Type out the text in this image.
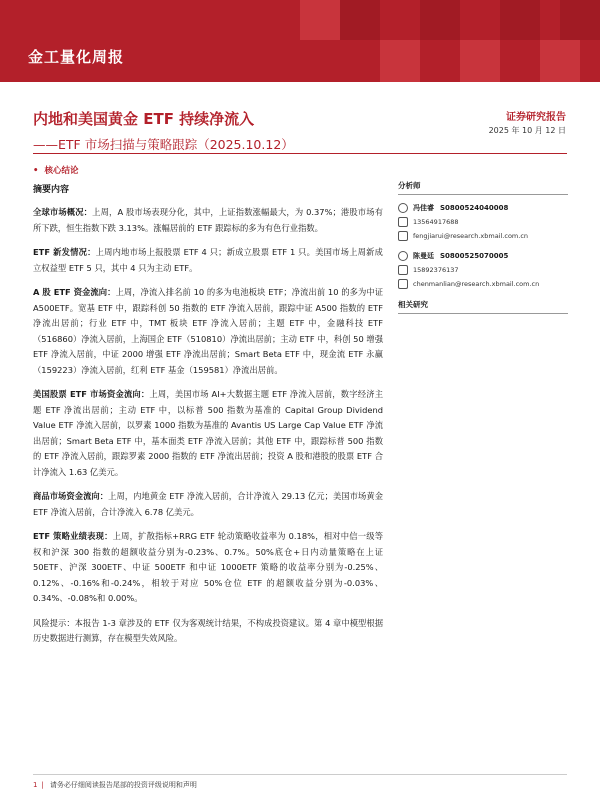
金工量化周报
内地和美国黄金 ETF 持续净流入
——ETF 市场扫描与策略跟踪（2025.10.12）
证券研究报告
2025 年 10 月 12 日
• 核心结论
摘要内容
全球市场概况：上周，A 股市场表现分化，其中，上证指数涨幅最大，为 0.37%；港股市场有所下跌，恒生指数下跌 3.13%。涨幅居前的 ETF 跟踪标的多为有色行业指数。
ETF 新发情况：上周内地市场上报股票 ETF 4 只；新成立股票 ETF 1 只。美国市场上周新成立权益型 ETF 5 只，其中 4 只为主动 ETF。
A 股 ETF 资金流向：上周，净流入排名前 10 的多为电池板块 ETF；净流出前 10 的多为中证 A500ETF。宽基 ETF 中，跟踪科创 50 指数的 ETF 净流入居前，跟踪中证 A500 指数的 ETF 净流出居前；行业 ETF 中，TMT 板块 ETF 净流入居前；主题 ETF 中，金融科技 ETF（516860）净流入居前，上海国企 ETF（510810）净流出居前；主动 ETF 中，科创 50 增强 ETF 净流入居前，中证 2000 增强 ETF 净流出居前；Smart Beta ETF 中，现金流 ETF 永赢（159223）净流入居前，红利 ETF 基金（159581）净流出居前。
美国股票 ETF 市场资金流向：上周，美国市场 AI+大数据主题 ETF 净流入居前，数字经济主题 ETF 净流出居前；主动 ETF 中，以标普 500 指数为基准的 Capital Group Dividend Value ETF 净流入居前，以罗素 1000 指数为基准的 Avantis US Large Cap Value ETF 净流出居前；Smart Beta ETF 中，基本面类 ETF 净流入居前；其他 ETF 中，跟踪标普 500 指数的 ETF 净流入居前，跟踪罗素 2000 指数的 ETF 净流出居前；投资 A 股和港股的股票 ETF 合计净流入 1.63 亿美元。
商品市场资金流向：上周，内地黄金 ETF 净流入居前，合计净流入 29.13 亿元；美国市场黄金 ETF 净流入居前，合计净流入 6.78 亿美元。
ETF 策略业绩表现：上周，扩散指标+RRG ETF 轮动策略收益率为 0.18%，相对中信一级等权和沪深 300 指数的超额收益分别为-0.23%、0.7%。50%底仓+日内动量策略在上证 50ETF、沪深 300ETF、中证 500ETF 和中证 1000ETF 策略的收益率分别为-0.25%、0.12%、-0.16%和-0.24%，相较于对应 50%仓位 ETF 的超额收益分别为-0.03%、0.34%、-0.08%和 0.00%。
风险提示：本报告 1-3 章涉及的 ETF 仅为客观统计结果，不构成投资建议。第 4 章中模型根据历史数据进行测算，存在模型失效风险。
分析师
冯佳睿 S0800524040008
13564917688
fengjiarui@research.xbmail.com.cn
陈曼廷 S0800525070005
15892376137
chenmanlian@research.xbmail.com.cn
相关研究
1 | 请务必仔细阅读报告尾部的投资评级说明和声明
